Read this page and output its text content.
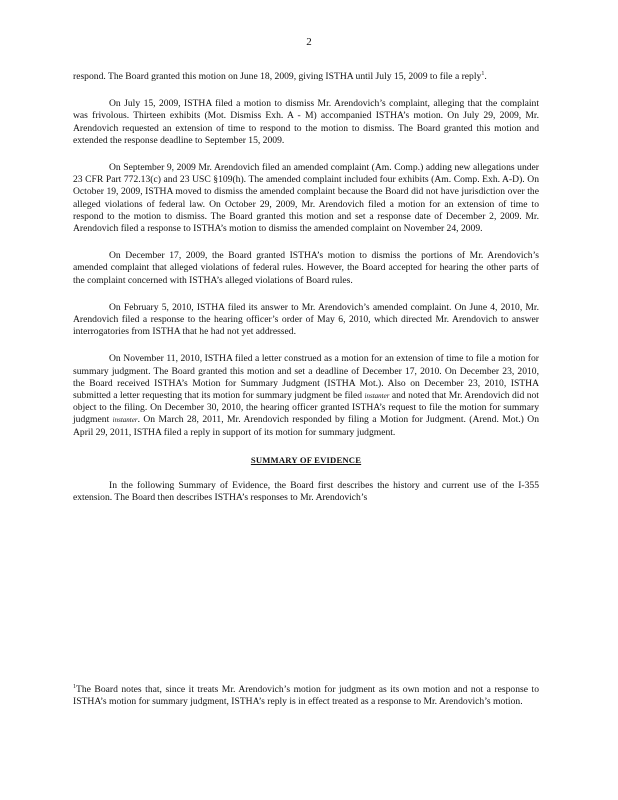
2

respond. The Board granted this motion on June 18, 2009, giving ISTHA until July 15, 2009 to file a reply$^1$.

On July 15, 2009, ISTHA filed a motion to dismiss Mr. Arendovich’s complaint, alleging that the complaint was frivolous. Thirteen exhibits (Mot. Dismiss Exh. A - M) accompanied ISTHA’s motion. On July 29, 2009, Mr. Arendovich requested an extension of time to respond to the motion to dismiss. The Board granted this motion and extended the response deadline to September 15, 2009.

On September 9, 2009 Mr. Arendovich filed an amended complaint (Am. Comp.) adding new allegations under 23 CFR Part 772.13(c) and 23 USC §109(h). The amended complaint included four exhibits (Am. Comp. Exh. A-D). On October 19, 2009, ISTHA moved to dismiss the amended complaint because the Board did not have jurisdiction over the alleged violations of federal law. On October 29, 2009, Mr. Arendovich filed a motion for an extension of time to respond to the motion to dismiss. The Board granted this motion and set a response date of December 2, 2009. Mr. Arendovich filed a response to ISTHA’s motion to dismiss the amended complaint on November 24, 2009.

On December 17, 2009, the Board granted ISTHA’s motion to dismiss the portions of Mr. Arendovich’s amended complaint that alleged violations of federal rules. However, the Board accepted for hearing the other parts of the complaint concerned with ISTHA’s alleged violations of Board rules.

On February 5, 2010, ISTHA filed its answer to Mr. Arendovich’s amended complaint. On June 4, 2010, Mr. Arendovich filed a response to the hearing officer’s order of May 6, 2010, which directed Mr. Arendovich to answer interrogatories from ISTHA that he had not yet addressed.

On November 11, 2010, ISTHA filed a letter construed as a motion for an extension of time to file a motion for summary judgment. The Board granted this motion and set a deadline of December 17, 2010. On December 23, 2010, the Board received ISTHA’s Motion for Summary Judgment (ISTHA Mot.). Also on December 23, 2010, ISTHA submitted a letter requesting that its motion for summary judgment be filed instanter and noted that Mr. Arendovich did not object to the filing. On December 30, 2010, the hearing officer granted ISTHA’s request to file the motion for summary judgment instanter. On March 28, 2011, Mr. Arendovich responded by filing a Motion for Judgment. (Arend. Mot.) On April 29, 2011, ISTHA filed a reply in support of its motion for summary judgment.

SUMMARY OF EVIDENCE

In the following Summary of Evidence, the Board first describes the history and current use of the I-355 extension. The Board then describes ISTHA’s responses to Mr. Arendovich’s

$^1$The Board notes that, since it treats Mr. Arendovich’s motion for judgment as its own motion and not a response to ISTHA’s motion for summary judgment, ISTHA’s reply is in effect treated as a response to Mr. Arendovich’s motion.
